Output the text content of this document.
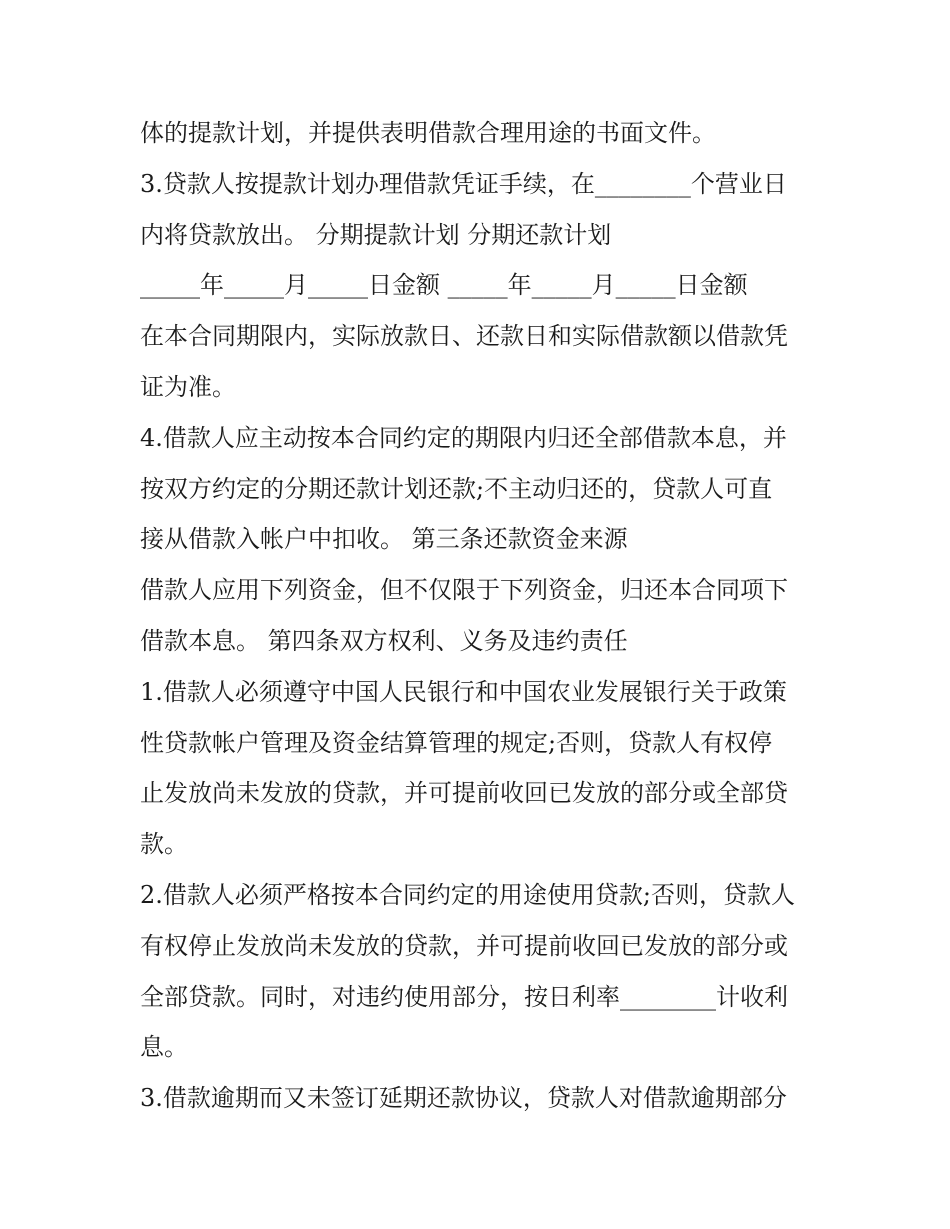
体的提款计划，并提供表明借款合理用途的书面文件。
3.贷款人按提款计划办理借款凭证手续，在________个营业日
内将贷款放出。 分期提款计划 分期还款计划
_____年_____月_____日金额 _____年_____月_____日金额
在本合同期限内，实际放款日、还款日和实际借款额以借款凭
证为准。
4.借款人应主动按本合同约定的期限内归还全部借款本息，并
按双方约定的分期还款计划还款;不主动归还的，贷款人可直
接从借款入帐户中扣收。 第三条还款资金来源
借款人应用下列资金，但不仅限于下列资金，归还本合同项下
借款本息。 第四条双方权利、义务及违约责任
1.借款人必须遵守中国人民银行和中国农业发展银行关于政策
性贷款帐户管理及资金结算管理的规定;否则，贷款人有权停
止发放尚未发放的贷款，并可提前收回已发放的部分或全部贷
款。
2.借款人必须严格按本合同约定的用途使用贷款;否则，贷款人
有权停止发放尚未发放的贷款，并可提前收回已发放的部分或
全部贷款。同时，对违约使用部分，按日利率________计收利
息。
3.借款逾期而又未签订延期还款协议，贷款人对借款逾期部分
